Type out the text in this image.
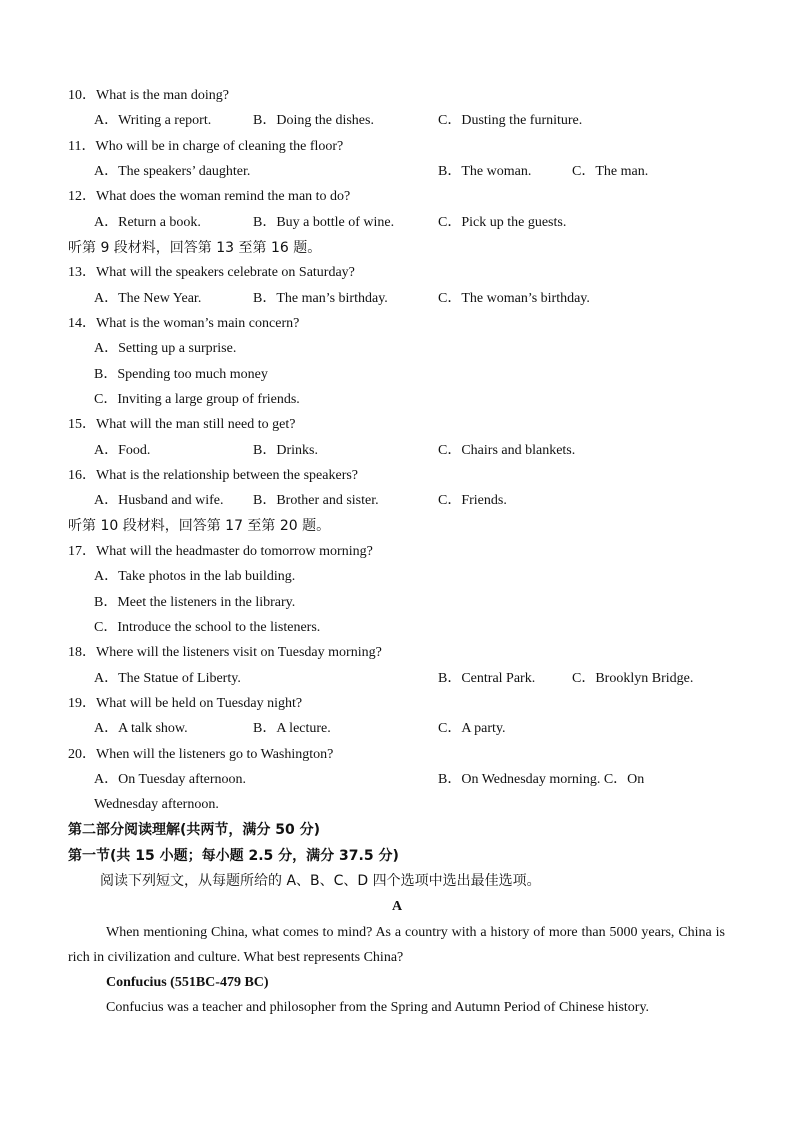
10．What is the man doing?
A．Writing a report.	B．Doing the dishes.	C．Dusting the furniture.
11．Who will be in charge of cleaning the floor?
A．The speakers’ daughter.	B．The woman.	C．The man.
12．What does the woman remind the man to do?
A．Return a book.	B．Buy a bottle of wine.	C．Pick up the guests.
听第 9 段材料，回答第 13 至第 16 题。
13．What will the speakers celebrate on Saturday?
A．The New Year.	B．The man’s birthday.	C．The woman’s birthday.
14．What is the woman’s main concern?
A．Setting up a surprise.
B．Spending too much money
C．Inviting a large group of friends.
15．What will the man still need to get?
A．Food.	B．Drinks.	C．Chairs and blankets.
16．What is the relationship between the speakers?
A．Husband and wife. B．Brother and sister.	C．Friends.
听第 10 段材料，回答第 17 至第 20 题。
17．What will the headmaster do tomorrow morning?
A．Take photos in the lab building.
B．Meet the listeners in the library.
C．Introduce the school to the listeners.
18．Where will the listeners visit on Tuesday morning?
A．The Statue of Liberty.	B．Central Park.	C．Brooklyn Bridge.
19．What will be held on Tuesday night?
A．A talk show.	B．A lecture.	C．A party.
20．When will the listeners go to Washington?
A．On Tuesday afternoon.	B．On Wednesday morning. C．On
Wednesday afternoon.
第二部分阅读理解(共两节，满分 50 分)
第一节(共 15 小题；每小题 2.5 分，满分 37.5 分)
阅读下列短文，从每题所给的 A、B、C、D 四个选项中选出最佳选项。
A
When mentioning China, what comes to mind? As a country with a history of more than 5000 years, China is rich in civilization and culture. What best represents China?
Confucius (551BC-479 BC)
Confucius was a teacher and philosopher from the Spring and Autumn Period of Chinese history.
